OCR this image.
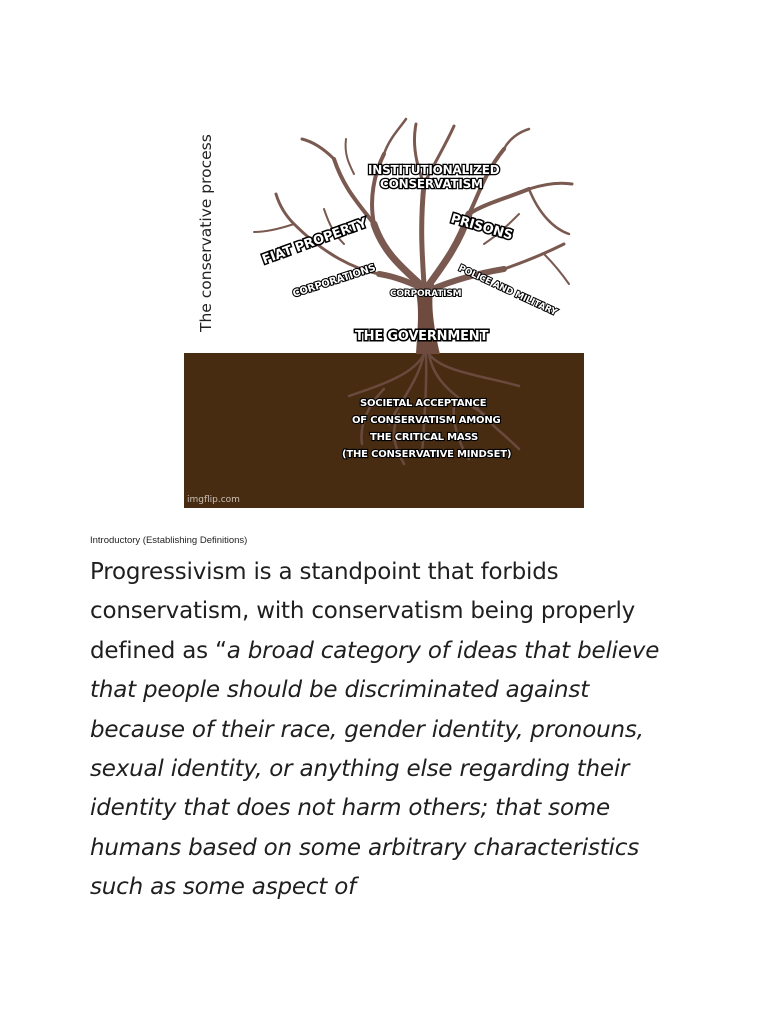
The conservative process	INSTITUTIONALIZED
CONSERVATISM
PRISONS
FIAT PROPERTY
CORPORATIONS	POLICE AND MILITARY
CORPORATISM
THE GOVERNMENT
SOCIETAL ACCEPTANCE
OF CONSERVATISM AMONG
THE CRITICAL MASS
(THE CONSERVATIVE MINDSET)
imgflip.com
Introductory (Establishing Definitions)

Progressivism is a standpoint that forbids conservatism, with conservatism being properly defined as “a broad category of ideas that believe that people should be discriminated against because of their race, gender identity, pronouns, sexual identity, or anything else regarding their identity that does not harm others; that some humans based on some arbitrary characteristics such as some aspect of
